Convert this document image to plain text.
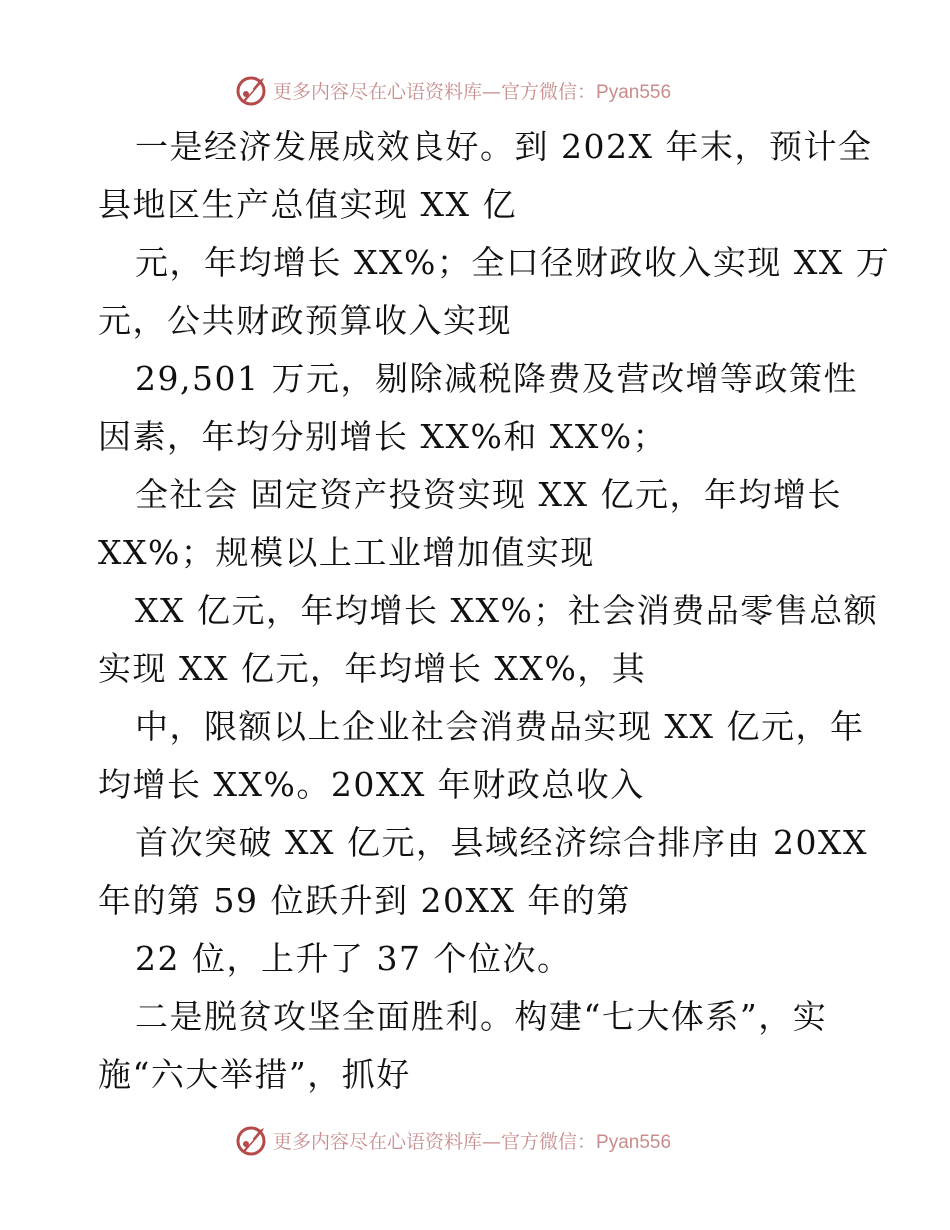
更多内容尽在心语资料库—官方微信：Pyan556
一是经济发展成效良好。到 202X 年末，预计全
县地区生产总值实现 XX 亿
元，年均增长 XX%；全口径财政收入实现 XX 万
元，公共财政预算收入实现
29,501 万元，剔除减税降费及营改增等政策性
因素，年均分别增长 XX%和 XX%；
全社会 固定资产投资实现 XX 亿元，年均增长
XX%；规模以上工业增加值实现
XX 亿元，年均增长 XX%；社会消费品零售总额
实现 XX 亿元，年均增长 XX%，其
中，限额以上企业社会消费品实现 XX 亿元，年
均增长 XX%。20XX 年财政总收入
首次突破 XX 亿元，县域经济综合排序由 20XX
年的第 59 位跃升到 20XX 年的第
22 位，上升了 37 个位次。
二是脱贫攻坚全面胜利。构建“七大体系”，实
施“六大举措”，抓好
更多内容尽在心语资料库—官方微信：Pyan556
